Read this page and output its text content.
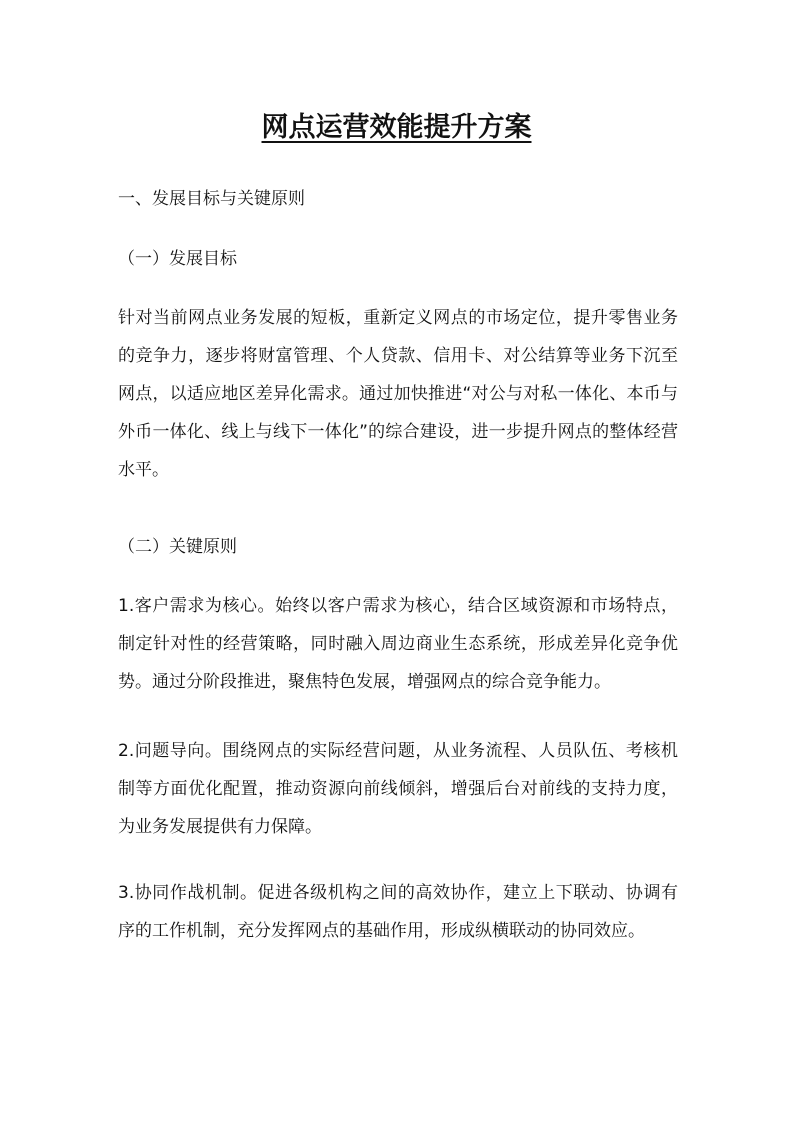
网点运营效能提升方案
一、发展目标与关键原则
（一）发展目标

针对当前网点业务发展的短板，重新定义网点的市场定位，提升零售业务的竞争力，逐步将财富管理、个人贷款、信用卡、对公结算等业务下沉至网点，以适应地区差异化需求。通过加快推进“对公与对私一体化、本币与外币一体化、线上与线下一体化”的综合建设，进一步提升网点的整体经营水平。

（二）关键原则

1.客户需求为核心。始终以客户需求为核心，结合区域资源和市场特点，制定针对性的经营策略，同时融入周边商业生态系统，形成差异化竞争优势。通过分阶段推进，聚焦特色发展，增强网点的综合竞争能力。

2.问题导向。围绕网点的实际经营问题，从业务流程、人员队伍、考核机制等方面优化配置，推动资源向前线倾斜，增强后台对前线的支持力度，为业务发展提供有力保障。

3.协同作战机制。促进各级机构之间的高效协作，建立上下联动、协调有序的工作机制，充分发挥网点的基础作用，形成纵横联动的协同效应。
